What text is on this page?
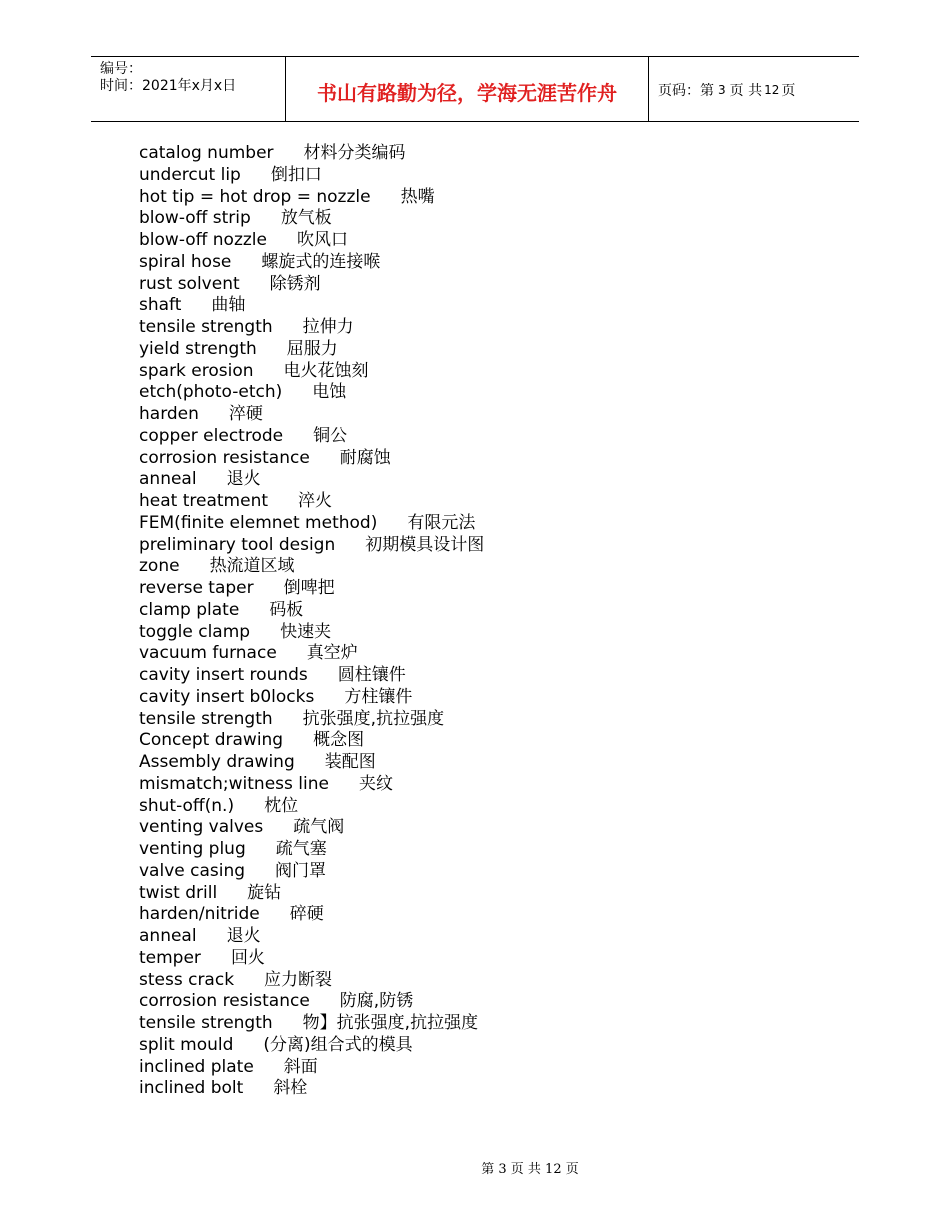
编号：
时间：2021年x月x日	书山有路勤为径，学海无涯苦作舟	页码：第 3 页 共 12 页
catalog number 材料分类编码
undercut lip 倒扣口
hot tip = hot drop = nozzle 热嘴
blow-off strip 放气板
blow-off nozzle 吹风口
spiral hose 螺旋式的连接喉
rust solvent 除锈剂
shaft 曲轴
tensile strength 拉伸力
yield strength 屈服力
spark erosion 电火花蚀刻
etch(photo-etch) 电蚀
harden 淬硬
copper electrode 铜公
corrosion resistance 耐腐蚀
anneal 退火
heat treatment 淬火
FEM(finite elemnet method) 有限元法
preliminary tool design 初期模具设计图
zone 热流道区域
reverse taper 倒啤把
clamp plate 码板
toggle clamp 快速夹
vacuum furnace 真空炉
cavity insert rounds 圆柱镶件
cavity insert b0locks 方柱镶件
tensile strength 抗张强度,抗拉强度
Concept drawing 概念图
Assembly drawing 装配图
mismatch;witness line 夹纹
shut-off(n.) 枕位
venting valves 疏气阀
venting plug 疏气塞
valve casing 阀门罩
twist drill 旋钻
harden/nitride 碎硬
anneal 退火
temper 回火
stess crack 应力断裂
corrosion resistance 防腐,防锈
tensile strength 物】抗张强度,抗拉强度
split mould (分离)组合式的模具
inclined plate 斜面
inclined bolt 斜栓
第 3 页 共 12 页
